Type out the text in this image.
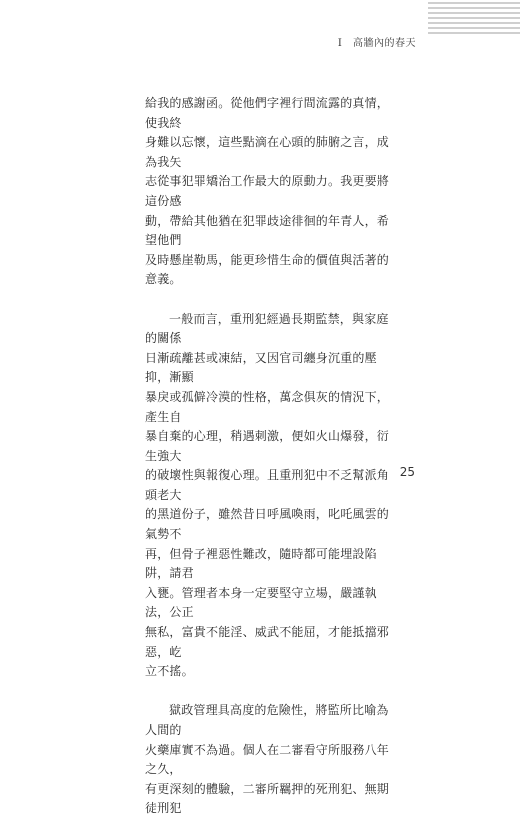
I 高牆內的春天
給我的感謝函。從他們字裡行間流露的真情，使我終
身難以忘懷，這些點滴在心頭的肺腑之言，成為我矢
志從事犯罪矯治工作最大的原動力。我更要將這份感
動，帶給其他猶在犯罪歧途徘徊的年青人，希望他們
及時懸崖勒馬，能更珍惜生命的價值與活著的意義。
一般而言，重刑犯經過長期監禁，與家庭的關係
日漸疏離甚或凍結，又因官司纏身沉重的壓抑，漸顯
暴戾或孤僻冷漠的性格，萬念俱灰的情況下，產生自
暴自棄的心理，稍遇刺激，便如火山爆發，衍生強大
的破壞性與報復心理。且重刑犯中不乏幫派角頭老大
的黑道份子，雖然昔日呼風喚雨，叱吒風雲的氣勢不
再，但骨子裡惡性難改，隨時都可能埋設陷阱，請君
入甕。管理者本身一定要堅守立場，嚴謹執法，公正
無私，富貴不能淫、威武不能屈，才能抵擋邪惡，屹
立不搖。
獄政管理具高度的危險性，將監所比喻為人間的
火藥庫實不為過。個人在二審看守所服務八年之久，
有更深刻的體驗，二審所羈押的死刑犯、無期徒刑犯
25
